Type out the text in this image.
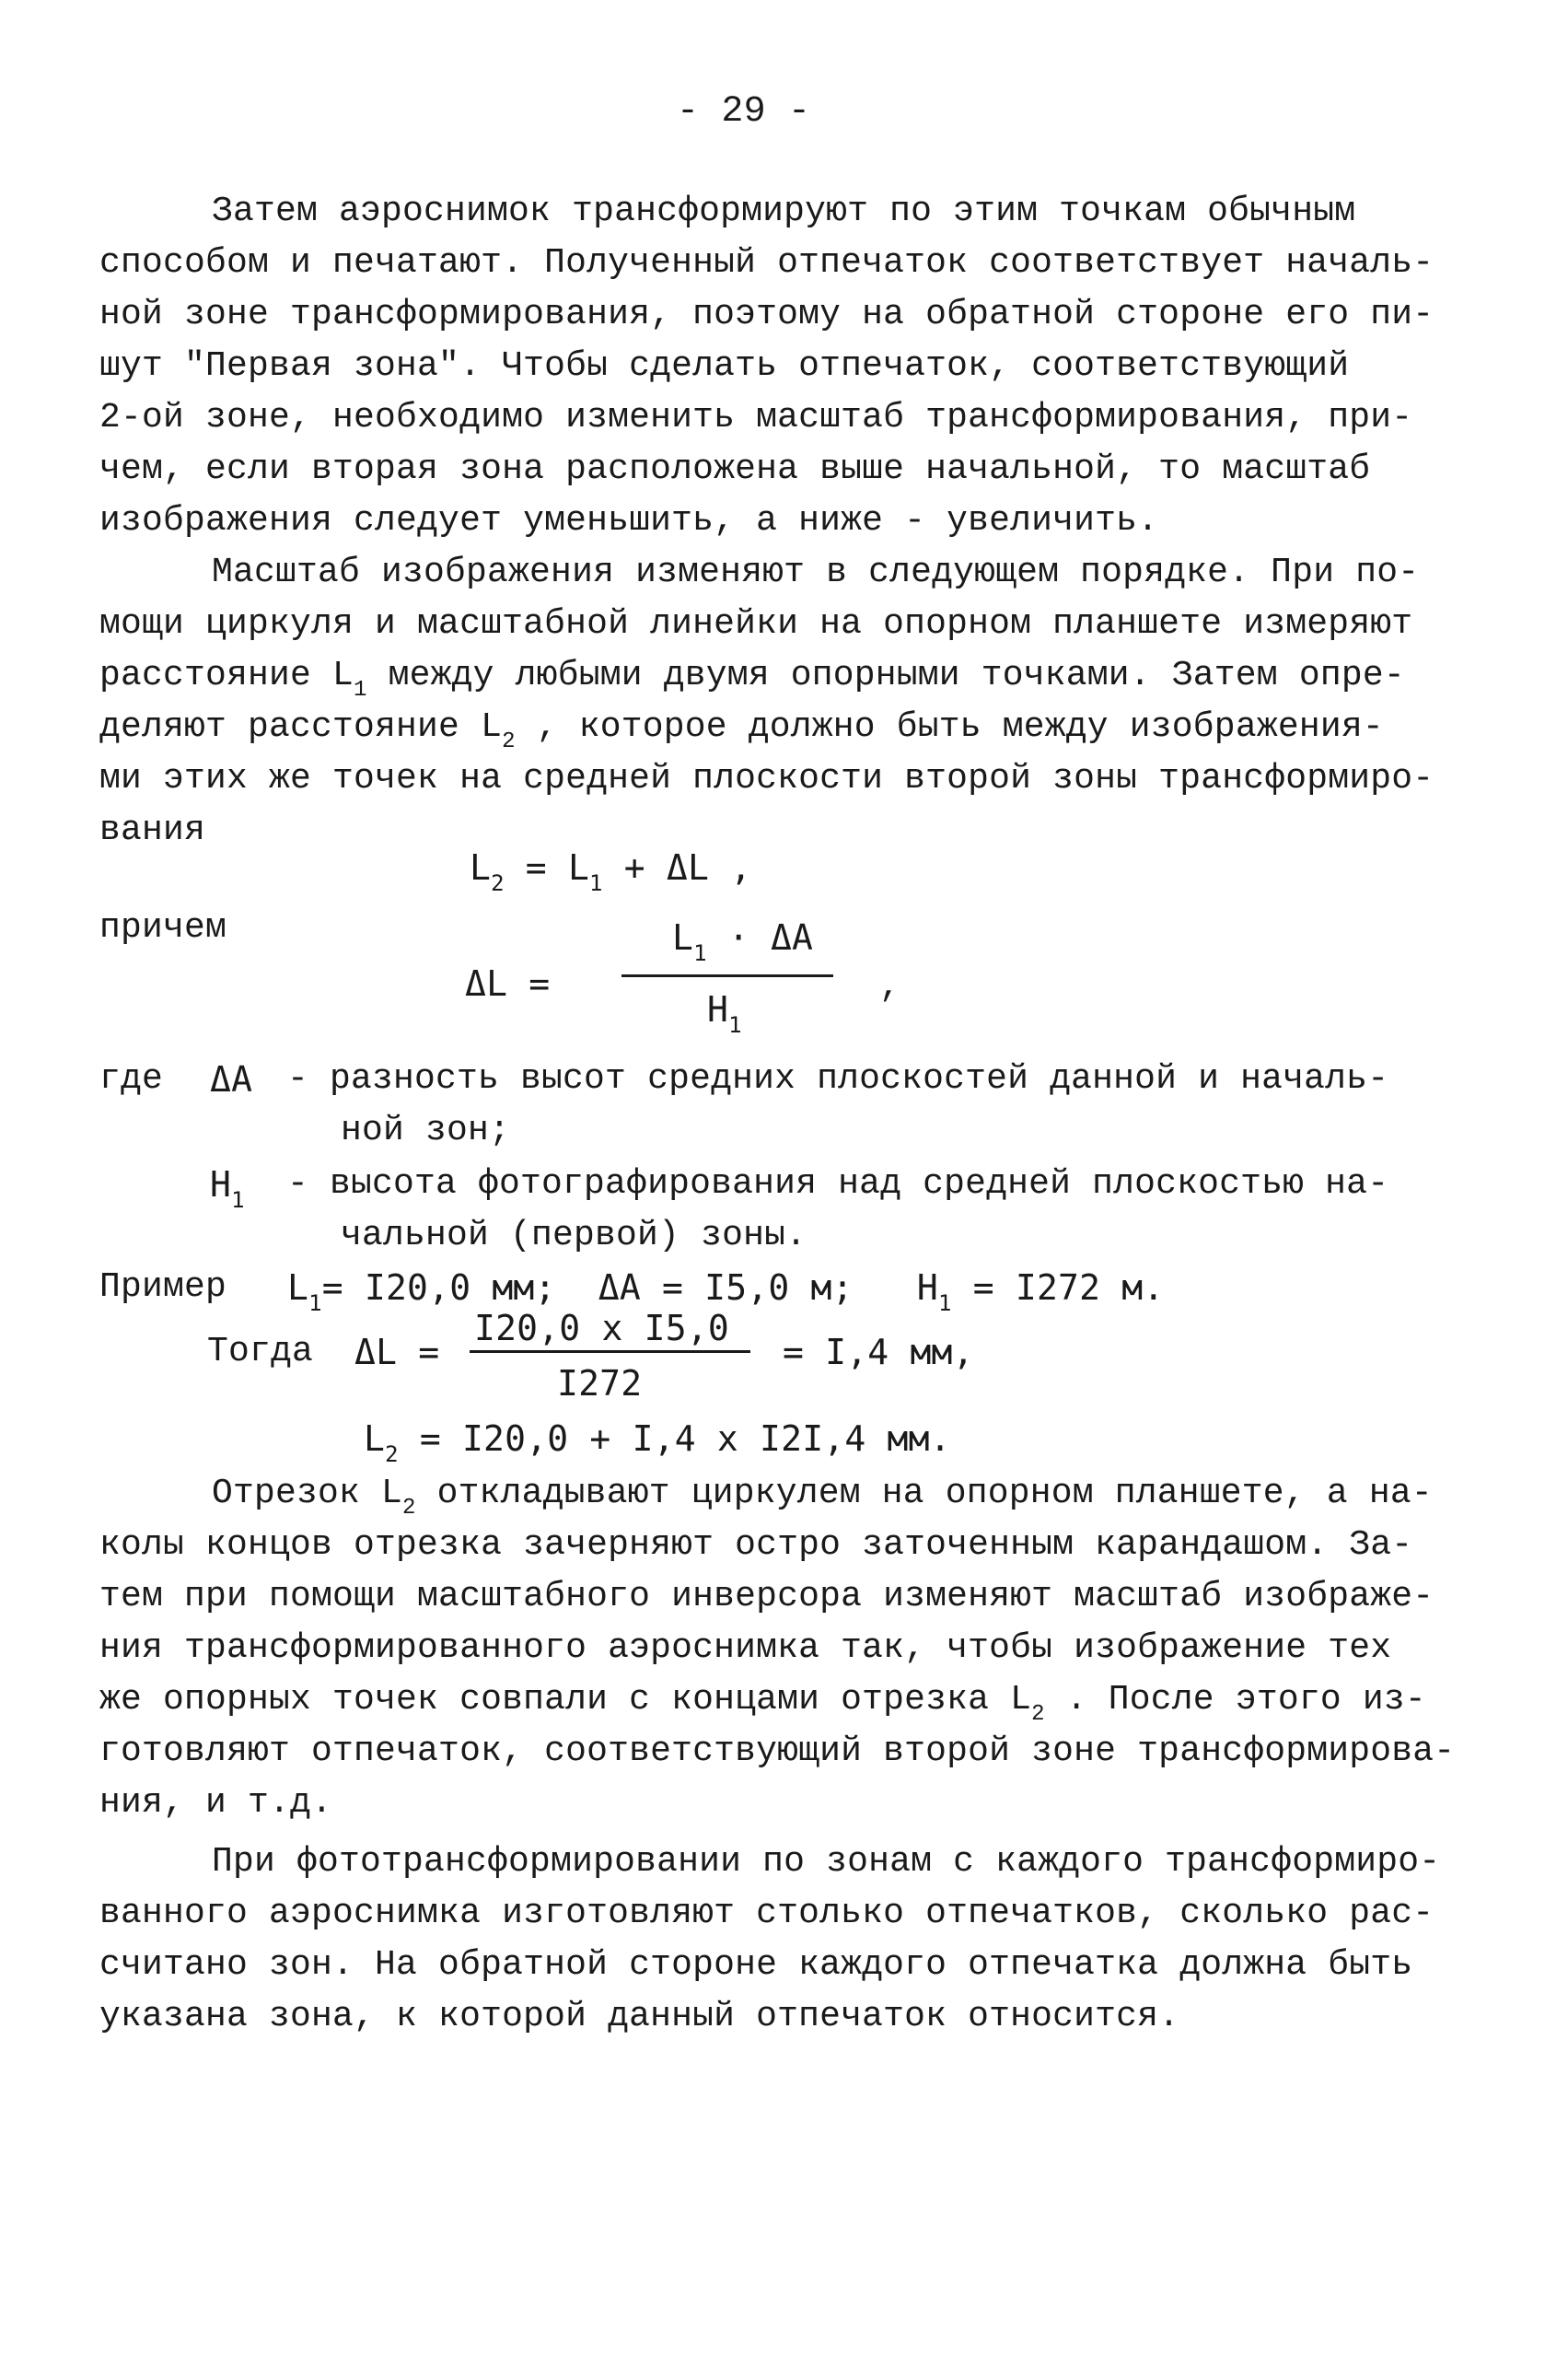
- 29 -
Затем аэроснимок трансформируют по этим точкам обычным
способом и печатают. Полученный отпечаток соответствует началь-
ной зоне трансформирования, поэтому на обратной стороне его пи-
шут "Первая зона". Чтобы сделать отпечаток, соответствующий
2-ой зоне, необходимо изменить масштаб трансформирования, при-
чем, если вторая зона расположена выше начальной, то масштаб
изображения следует уменьшить, а ниже - увеличить.
Масштаб изображения изменяют в следующем порядке. При по-
мощи циркуля и масштабной линейки на опорном планшете измеряют
расстояние $L_1$ между любыми двумя опорными точками. Затем опре-
деляют расстояние $L_2$ , которое должно быть между изображения-
ми этих же точек на средней плоскости второй зоны трансформиро-
вания
$L_2 = L_1 + \Delta L$ ,
причем
ΔL =
$L_1 \cdot \Delta A$
$H_1$
,
где ΔA - разность высот средних плоскостей данной и началь-
ной зон;
$H_1$ - высота фотографирования над средней плоскостью на-
чальной (первой) зоны.
Пример $L_1= I20,0$ мм;  ΔA = I5,0 м;   $H_1 = I272$ м.
Тогда ΔL =
I20,0 x I5,0
I272
= I,4 мм,
$L_2 = I20,0 + I,4$ x I2I,4 мм.
Отрезок $L_2$ откладывают циркулем на опорном планшете, а на-
колы концов отрезка зачерняют остро заточенным карандашом. За-
тем при помощи масштабного инверсора изменяют масштаб изображе-
ния трансформированного аэроснимка так, чтобы изображение тех
же опорных точек совпали с концами отрезка $L_2$ . После этого из-
готовляют отпечаток, соответствующий второй зоне трансформирова-
ния, и т.д.
При фототрансформировании по зонам с каждого трансформиро-
ванного аэроснимка изготовляют столько отпечатков, сколько рас-
считано зон. На обратной стороне каждого отпечатка должна быть
указана зона, к которой данный отпечаток относится.
